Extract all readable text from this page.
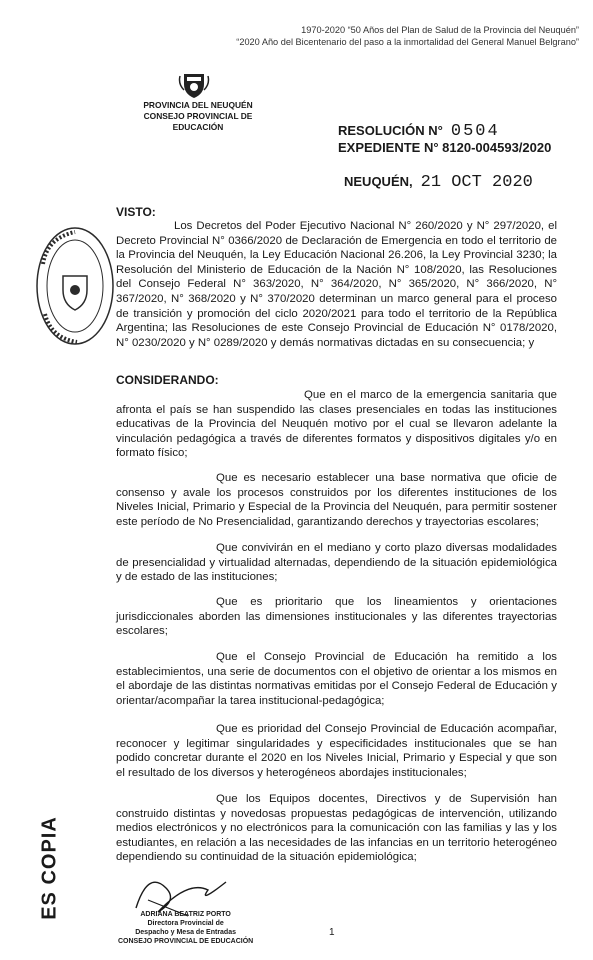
1970-2020 “50 Años del Plan de Salud de la Provincia del Neuquén”
“2020 Año del Bicentenario del paso a la inmortalidad del General Manuel Belgrano”
PROVINCIA DEL NEUQUÉN
CONSEJO PROVINCIAL DE EDUCACIÓN	RESOLUCIÓN N° 0504
EXPEDIENTE N° 8120-004593/2020
NEUQUÉN, 21 OCT 2020
VISTO:
Los Decretos del Poder Ejecutivo Nacional N° 260/2020 y N° 297/2020, el Decreto Provincial N° 0366/2020 de Declaración de Emergencia en todo el territorio de la Provincia del Neuquén, la Ley Educación Nacional 26.206, la Ley Provincial 3230; la Resolución del Ministerio de Educación de la Nación N° 108/2020, las Resoluciones del Consejo Federal N° 363/2020, N° 364/2020, N° 365/2020, N° 366/2020, N° 367/2020, N° 368/2020 y N° 370/2020 determinan un marco general para el proceso de transición y promoción del ciclo 2020/2021 para todo el territorio de la República Argentina; las Resoluciones de este Consejo Provincial de Educación N° 0178/2020, N° 0230/2020 y N° 0289/2020 y demás normativas dictadas en su consecuencia; y
CONSIDERANDO:
Que en el marco de la emergencia sanitaria que afronta el país se han suspendido las clases presenciales en todas las instituciones educativas de la Provincia del Neuquén motivo por el cual se llevaron adelante la vinculación pedagógica a través de diferentes formatos y dispositivos digitales y/o en formato físico;
Que es necesario establecer una base normativa que oficie de consenso y avale los procesos construidos por los diferentes instituciones de los Niveles Inicial, Primario y Especial de la Provincia del Neuquén, para permitir sostener este período de No Presencialidad, garantizando derechos y trayectorias escolares;
Que convivirán en el mediano y corto plazo diversas modalidades de presencialidad y virtualidad alternadas, dependiendo de la situación epidemiológica y de estado de las instituciones;
Que es prioritario que los lineamientos y orientaciones jurisdiccionales aborden las dimensiones institucionales y las diferentes trayectorias escolares;
Que el Consejo Provincial de Educación ha remitido a los establecimientos, una serie de documentos con el objetivo de orientar a los mismos en el abordaje de las distintas normativas emitidas por el Consejo Federal de Educación y orientar/acompañar la tarea institucional-pedagógica;
Que es prioridad del Consejo Provincial de Educación acompañar, reconocer y legitimar singularidades y especificidades institucionales que se han podido concretar durante el 2020 en los Niveles Inicial, Primario y Especial y que son el resultado de los diversos y heterogéneos abordajes institucionales;
Que los Equipos docentes, Directivos y de Supervisión han construido distintas y novedosas propuestas pedagógicas de intervención, utilizando medios electrónicos y no electrónicos para la comunicación con las familias y las y los estudiantes, en relación a las necesidades de las infancias en un territorio heterogéneo dependiendo su continuidad de la situación epidemiológica;
ES COPIA	ADRIANA BEATRIZ PORTO
Directora Provincial de
Despacho y Mesa de Entradas
CONSEJO PROVINCIAL DE EDUCACIÓN
1
